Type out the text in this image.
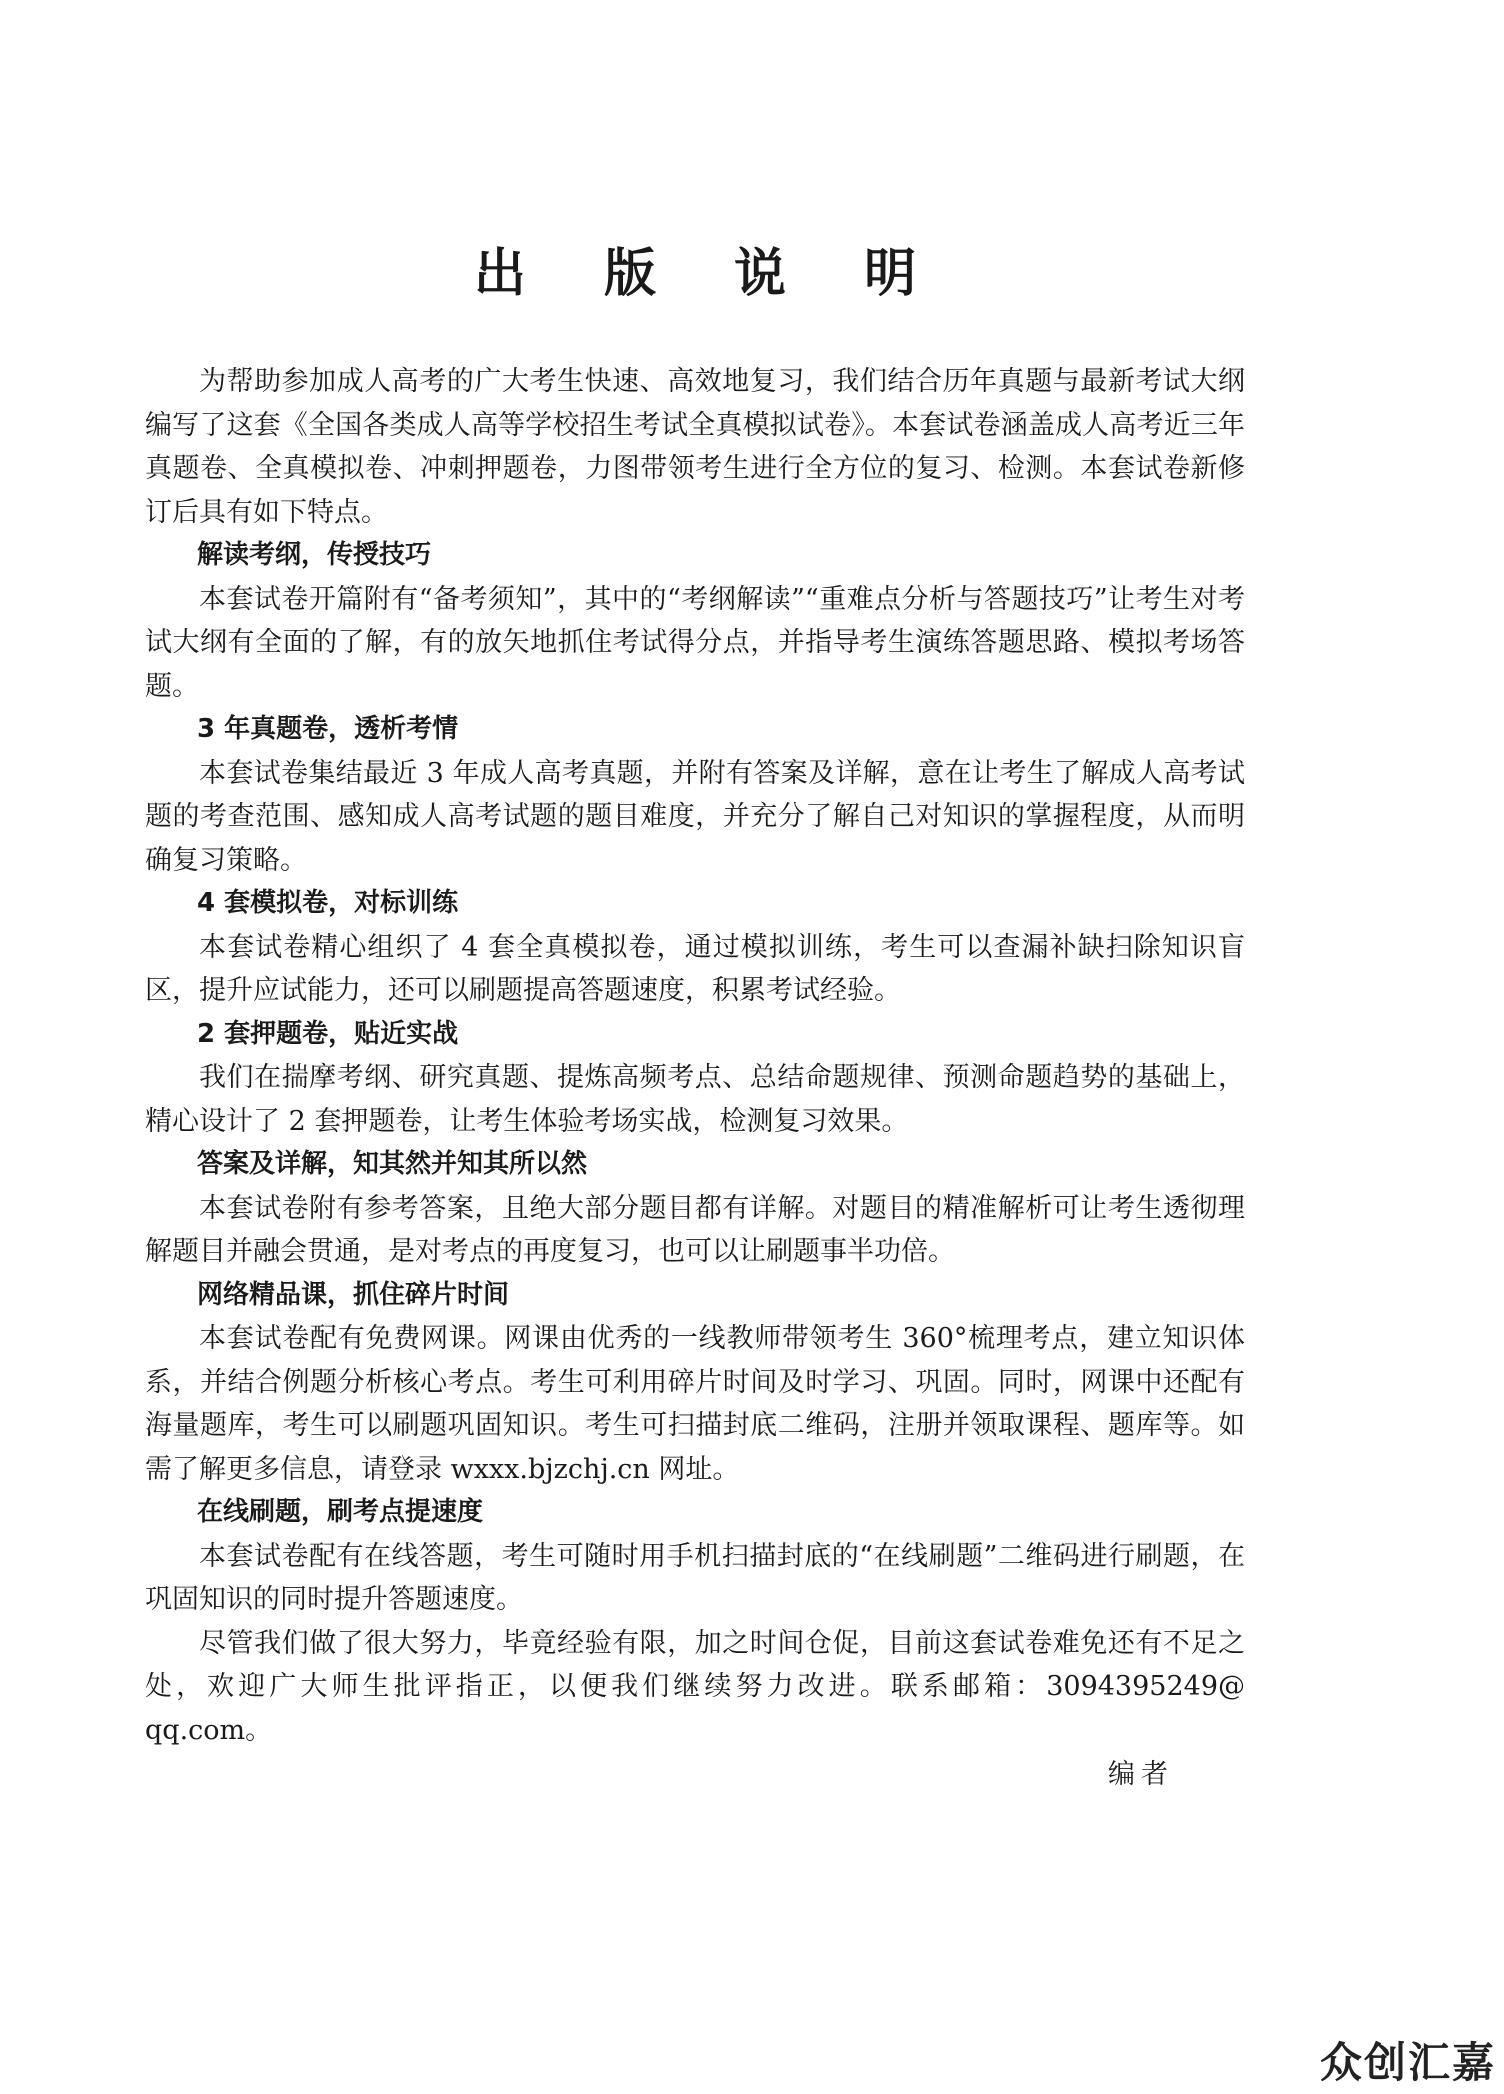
出 版 说 明

为帮助参加成人高考的广大考生快速、高效地复习，我们结合历年真题与最新考试大纲编写了这套《全国各类成人高等学校招生考试全真模拟试卷》。本套试卷涵盖成人高考近三年真题卷、全真模拟卷、冲刺押题卷，力图带领考生进行全方位的复习、检测。本套试卷新修订后具有如下特点。

解读考纲，传授技巧

本套试卷开篇附有“备考须知”，其中的“考纲解读”“重难点分析与答题技巧”让考生对考试大纲有全面的了解，有的放矢地抓住考试得分点，并指导考生演练答题思路、模拟考场答题。

3 年真题卷，透析考情

本套试卷集结最近 3 年成人高考真题，并附有答案及详解，意在让考生了解成人高考试题的考查范围、感知成人高考试题的题目难度，并充分了解自己对知识的掌握程度，从而明确复习策略。

4 套模拟卷，对标训练

本套试卷精心组织了 4 套全真模拟卷，通过模拟训练，考生可以查漏补缺扫除知识盲区，提升应试能力，还可以刷题提高答题速度，积累考试经验。

2 套押题卷，贴近实战

我们在揣摩考纲、研究真题、提炼高频考点、总结命题规律、预测命题趋势的基础上，精心设计了 2 套押题卷，让考生体验考场实战，检测复习效果。

答案及详解，知其然并知其所以然

本套试卷附有参考答案，且绝大部分题目都有详解。对题目的精准解析可让考生透彻理解题目并融会贯通，是对考点的再度复习，也可以让刷题事半功倍。

网络精品课，抓住碎片时间

本套试卷配有免费网课。网课由优秀的一线教师带领考生 360°梳理考点，建立知识体系，并结合例题分析核心考点。考生可利用碎片时间及时学习、巩固。同时，网课中还配有海量题库，考生可以刷题巩固知识。考生可扫描封底二维码，注册并领取课程、题库等。如需了解更多信息，请登录 wxxx.bjzchj.cn 网址。

在线刷题，刷考点提速度

本套试卷配有在线答题，考生可随时用手机扫描封底的“在线刷题”二维码进行刷题，在巩固知识的同时提升答题速度。

尽管我们做了很大努力，毕竟经验有限，加之时间仓促，目前这套试卷难免还有不足之处，欢迎广大师生批评指正，以便我们继续努力改进。联系邮箱：3094395249@ qq.com。

编者

众创汇嘉
